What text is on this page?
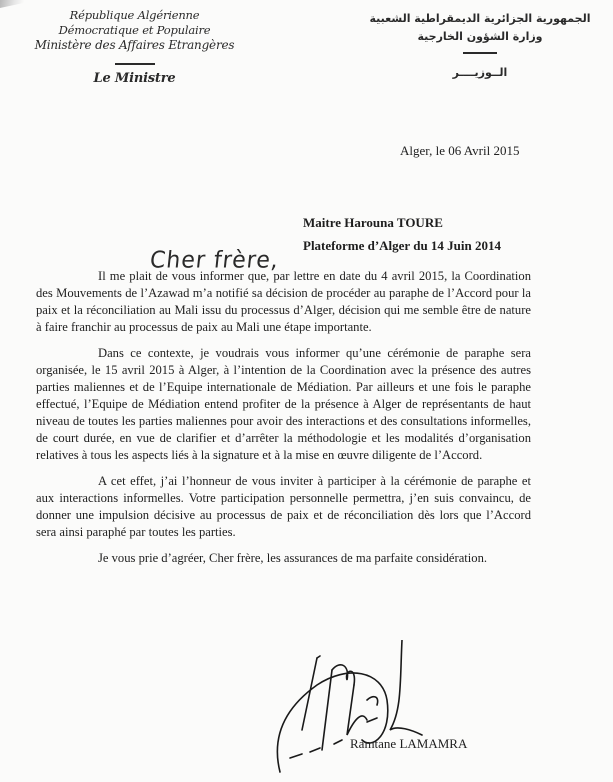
République Algérienne
Démocratique et Populaire
Ministère des Affaires Etrangères
Le Ministre
الجمهورية الجزائرية الديمقراطية الشعبية
وزارة الشؤون الخارجية
الــوزيــــر
Alger, le 06 Avril 2015
Maitre Harouna TOURE
Plateforme d’Alger du 14 Juin 2014
Cher frère,

Il me plait de vous informer que, par lettre en date du 4 avril 2015, la Coordination des Mouvements de l’Azawad m’a notifié sa décision de procéder au paraphe de l’Accord pour la paix et la réconciliation au Mali issu du processus d’Alger, décision qui me semble être de nature à faire franchir au processus de paix au Mali une étape importante.

Dans ce contexte, je voudrais vous informer qu’une cérémonie de paraphe sera organisée, le 15 avril 2015 à Alger, à l’intention de la Coordination avec la présence des autres parties maliennes et de l’Equipe internationale de Médiation. Par ailleurs et une fois le paraphe effectué, l’Equipe de Médiation entend profiter de la présence à Alger de représentants de haut niveau de toutes les parties maliennes pour avoir des interactions et des consultations informelles, de court durée, en vue de clarifier et d’arrêter la méthodologie et les modalités d’organisation relatives à tous les aspects liés à la signature et à la mise en œuvre diligente de l’Accord.

A cet effet, j’ai l’honneur de vous inviter à participer à la cérémonie de paraphe et aux interactions informelles. Votre participation personnelle permettra, j’en suis convaincu, de donner une impulsion décisive au processus de paix et de réconciliation dès lors que l’Accord sera ainsi paraphé par toutes les parties.

Je vous prie d’agréer, Cher frère, les assurances de ma parfaite considération.

Ramtane LAMAMRA
